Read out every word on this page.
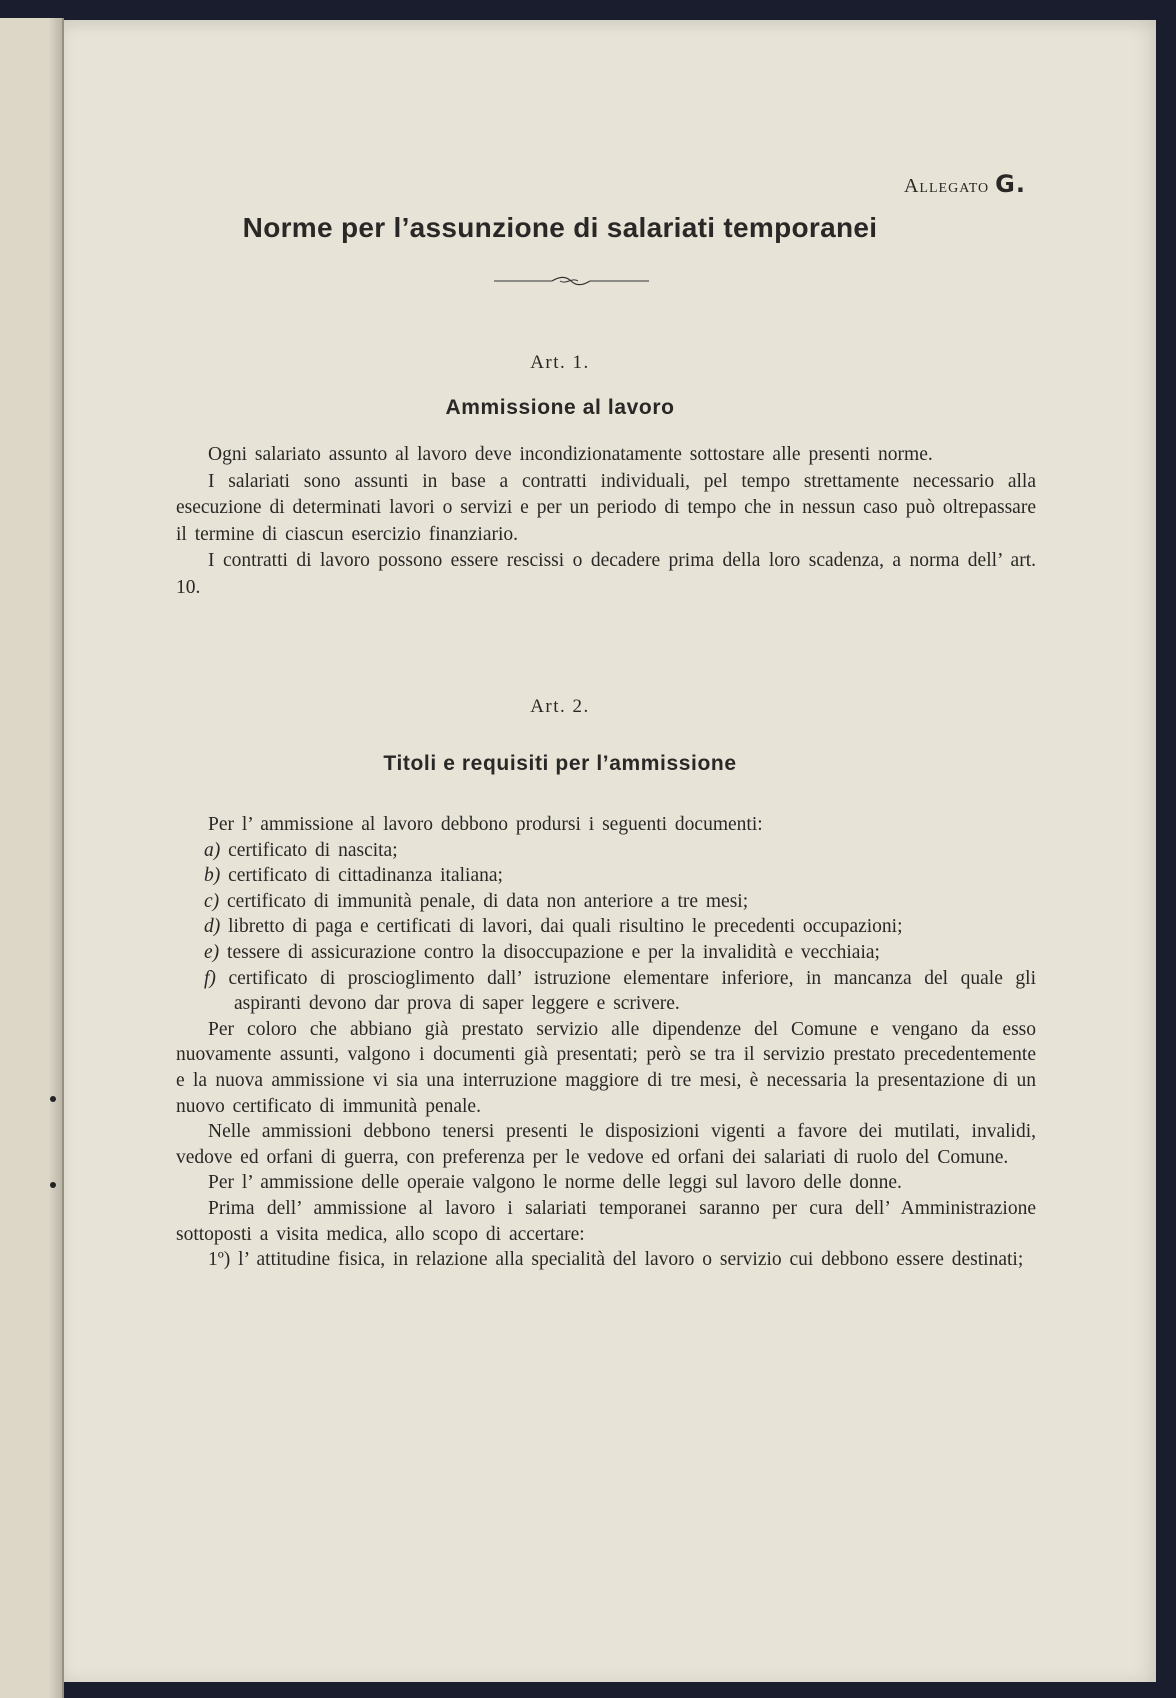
Allegato G.
Norme per l’assunzione di salariati temporanei
Art. 1.
Ammissione al lavoro

Ogni salariato assunto al lavoro deve incondizionatamente sottostare alle presenti norme.

I salariati sono assunti in base a contratti individuali, pel tempo strettamente necessario alla esecuzione di determinati lavori o servizi e per un periodo di tempo che in nessun caso può oltrepassare il termine di ciascun esercizio finanziario.

I contratti di lavoro possono essere rescissi o decadere prima della loro scadenza, a norma dell’ art. 10.

Art. 2.
Titoli e requisiti per l’ammissione

Per l’ ammissione al lavoro debbono prodursi i seguenti documenti:

a) certificato di nascita;

b) certificato di cittadinanza italiana;

c) certificato di immunità penale, di data non anteriore a tre mesi;

d) libretto di paga e certificati di lavori, dai quali risultino le precedenti occupazioni;

e) tessere di assicurazione contro la disoccupazione e per la invalidità e vecchiaia;

f) certificato di proscioglimento dall’ istruzione elementare inferiore, in mancanza del quale gli aspiranti devono dar prova di saper leggere e scrivere.

Per coloro che abbiano già prestato servizio alle dipendenze del Comune e vengano da esso nuovamente assunti, valgono i documenti già presentati; però se tra il servizio prestato precedentemente e la nuova ammissione vi sia una interruzione maggiore di tre mesi, è necessaria la presentazione di un nuovo certificato di immunità penale.

Nelle ammissioni debbono tenersi presenti le disposizioni vigenti a favore dei mutilati, invalidi, vedove ed orfani di guerra, con preferenza per le vedove ed orfani dei salariati di ruolo del Comune.

Per l’ ammissione delle operaie valgono le norme delle leggi sul lavoro delle donne.

Prima dell’ ammissione al lavoro i salariati temporanei saranno per cura dell’ Amministrazione sottoposti a visita medica, allo scopo di accertare:

1º) l’ attitudine fisica, in relazione alla specialità del lavoro o servizio cui debbono essere destinati;
